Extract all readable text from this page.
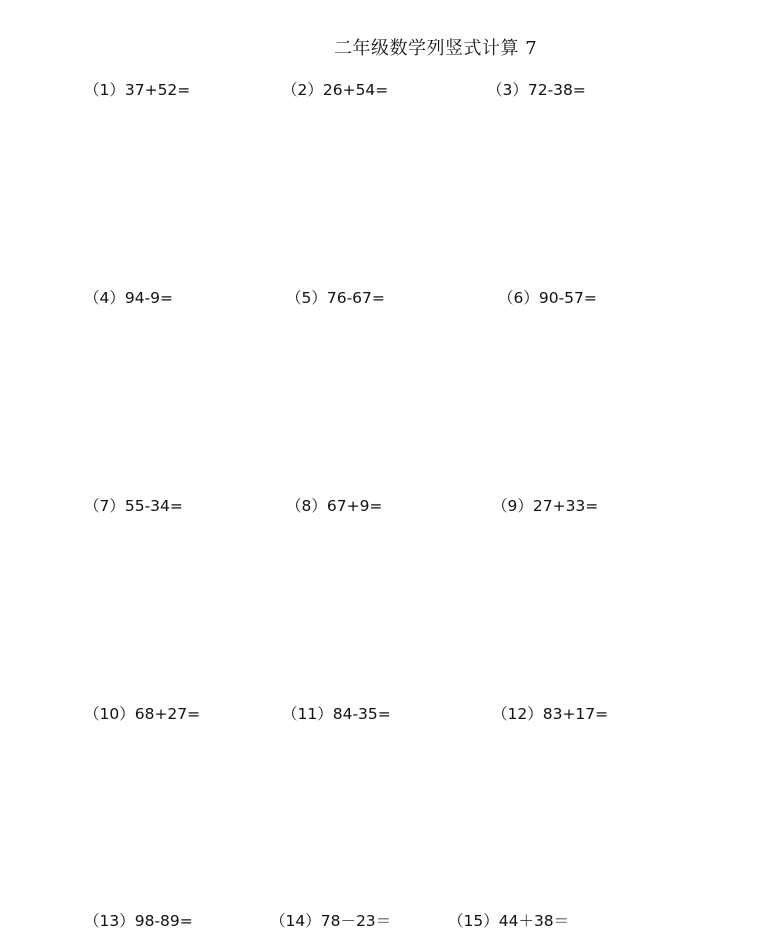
二年级数学列竖式计算 7
（1）37+52=	（2）26+54=	（3）72-38=
（4）94-9=	（5）76-67=	（6）90-57=
（7）55-34=	（8）67+9=	（9）27+33=
（10）68+27=	（11）84-35=	（12）83+17=
（13）98-89=	（14）78－23＝	（15）44＋38＝
